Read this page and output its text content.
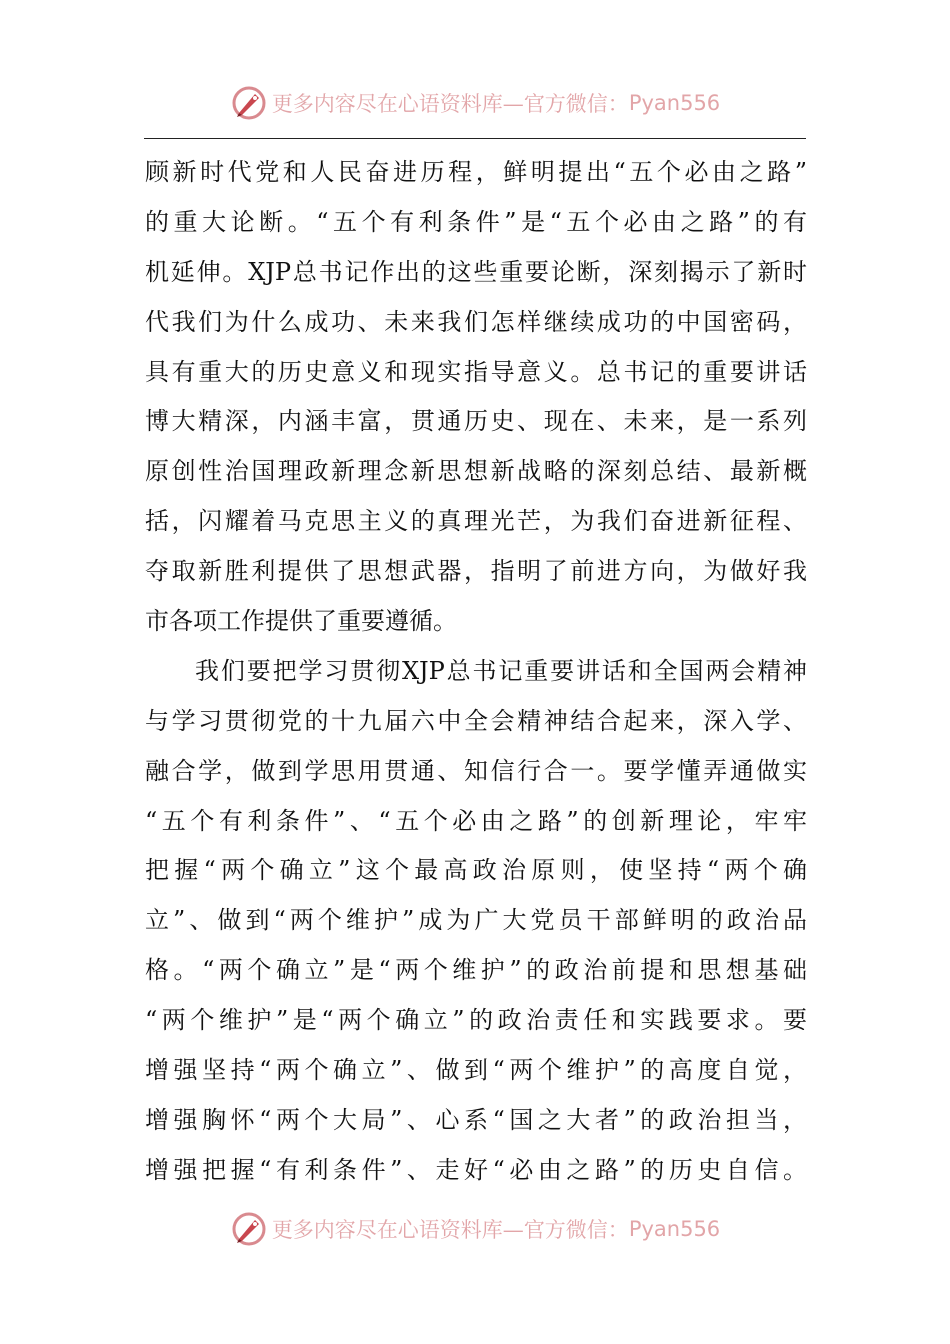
更多内容尽在心语资料库— 官方微信： Pyan556
顾新时代党和人民奋进历程，鲜明提出“五个必由之路”
的重大论断。“五个有利条件”是“五个必由之路”的有
机延伸。XJP总书记作出的这些重要论断，深刻揭示了新时
代我们为什么成功、未来我们怎样继续成功的中国密码，
具有重大的历史意义和现实指导意义。总书记的重要讲话
博大精深，内涵丰富，贯通历史、现在、未来，是一系列
原创性治国理政新理念新思想新战略的深刻总结、最新概
括，闪耀着马克思主义的真理光芒，为我们奋进新征程、
夺取新胜利提供了思想武器，指明了前进方向，为做好我
市各项工作提供了重要遵循。
我们要把学习贯彻XJP总书记重要讲话和全国两会精神
与学习贯彻党的十九届六中全会精神结合起来，深入学、
融合学，做到学思用贯通、知信行合一。要学懂弄通做实
“五个有利条件”、“五个必由之路”的创新理论，牢牢
把握“两个确立”这个最高政治原则，使坚持“两个确
立”、做到“两个维护”成为广大党员干部鲜明的政治品
格。“两个确立”是“两个维护”的政治前提和思想基础
“两个维护”是“两个确立”的政治责任和实践要求。要
增强坚持“两个确立”、做到“两个维护”的高度自觉，
增强胸怀“两个大局”、心系“国之大者”的政治担当，
增强把握“有利条件”、走好“必由之路”的历史自信。
更多内容尽在心语资料库— 官方微信： Pyan556
